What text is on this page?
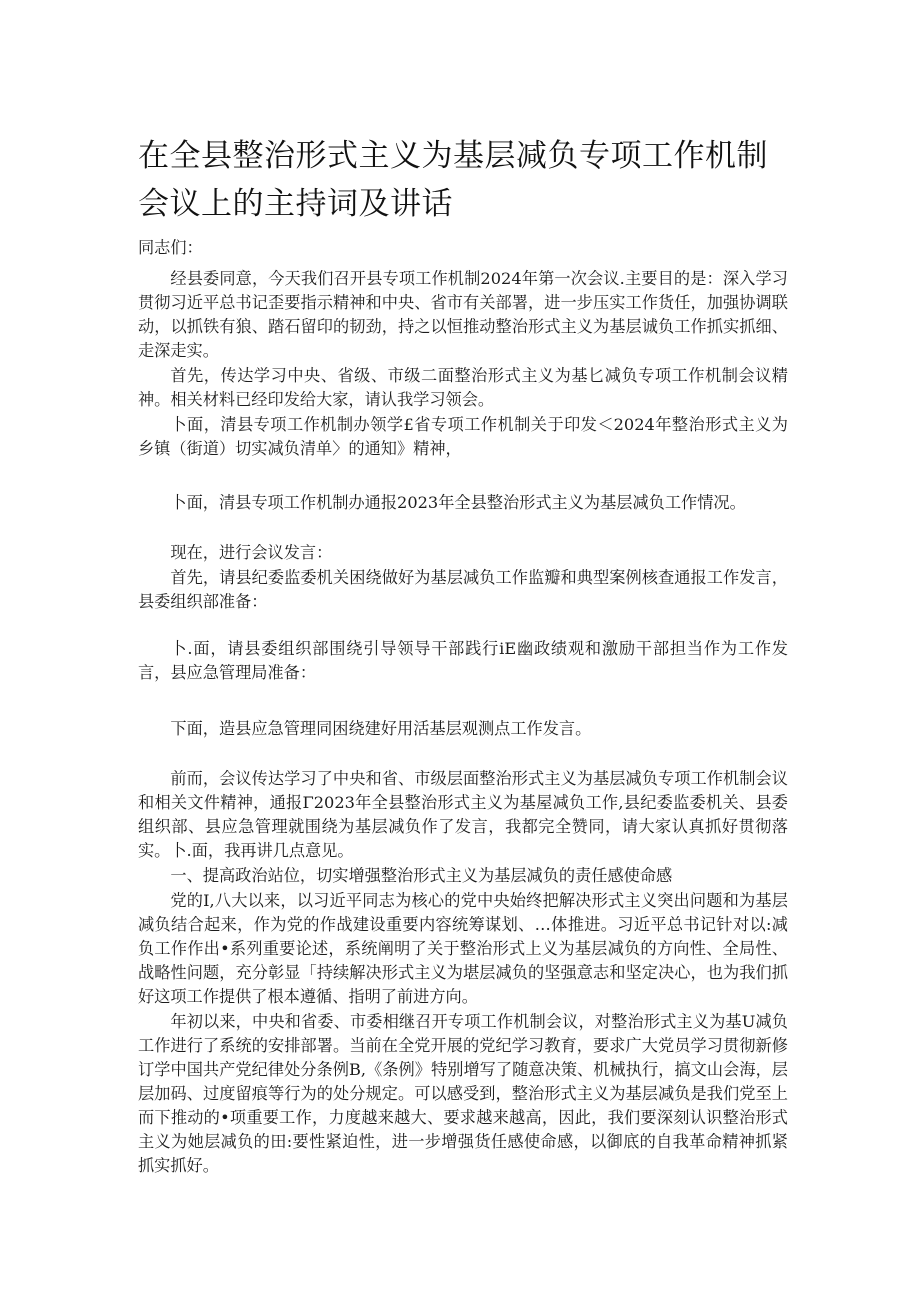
在全县整治形式主义为基层减负专项工作机制会议上的主持词及讲话

同志们：

经县委同意，今天我们召开县专项工作机制2024年第一次会议.主要目的是：深入学习贯彻习近平总书记歪要指示精神和中央、省市有关部署，进一步压实工作货任，加强协调联动，以抓铁有狼、踏石留印的韧劲，持之以恒推动整治形式主义为基层诚负工作抓实抓细、走深走实。

首先，传达学习中央、省级、市级二面整治形式主义为基匕减负专项工作机制会议精神。相关材料已经印发给大家，请认我学习领会。

卜面，清县专项工作机制办领学£省专项工作机制关于印发＜2024年整治形式主义为乡镇（街道）切实减负清单〉的通知》精神，

卜面，清县专项工作机制办通报2023年全县整治形式主义为基层减负工作情况。

现在，进行会议发言：

首先，请县纪委监委机关困绕做好为基层减负工作监瓣和典型案例核查通报工作发言，县委组织部准备：

卜.面，请县委组织部围绕引导领导干部践行iE幽政绩观和激励干部担当作为工作发言，县应急管理局准备：

下面，造县应急管理同困绕建好用活基层观测点工作发言。

前而，会议传达学习了中央和省、市级层面整治形式主义为基层减负专项工作机制会议和相关文件精神，通报Γ2023年全县整治形式主义为基屋减负工作,县纪委监委机关、县委组织部、县应急管理就围绕为基层减负作了发言，我都完全赞同，请大家认真抓好贯彻落实。卜.面，我再讲几点意见。

一、提高政治站位，切实增强整治形式主义为基层减负的责任感使命感

党的I,八大以来，以习近平同志为核心的党中央始终把解决形式主义突出问题和为基层减负结合起来，作为党的作战建设重要内容统筹谋划、…体推进。习近平总书记针对以:减负工作作出•系列重要论述，系统阐明了关于整治形式上义为基层减负的方向性、全局性、战略性问题，充分彰显「持续解决形式主义为堪层减负的坚强意志和坚定决心，也为我们抓好这项工作提供了根本遵循、指明了前进方向。

年初以来，中央和省委、市委相继召开专项工作机制会议，对整治形式主义为基U减负工作进行了系统的安排部署。当前在全党开展的党纪学习教育，要求广大党员学习贯彻新修订学中国共产党纪律处分条例B,《条例》特别增写了随意决策、机械执行，搞文山会海，层层加码、过度留痕等行为的处分规定。可以感受到，整治形式主义为基层减负是我们党至上而下推动的•项重要工作，力度越来越大、要求越来越高，因此，我们要深刻认识整治形式主义为她层减负的田:要性紧迫性，进一步增强货任感使命感，以御底的自我革命精神抓紧抓实抓好。
